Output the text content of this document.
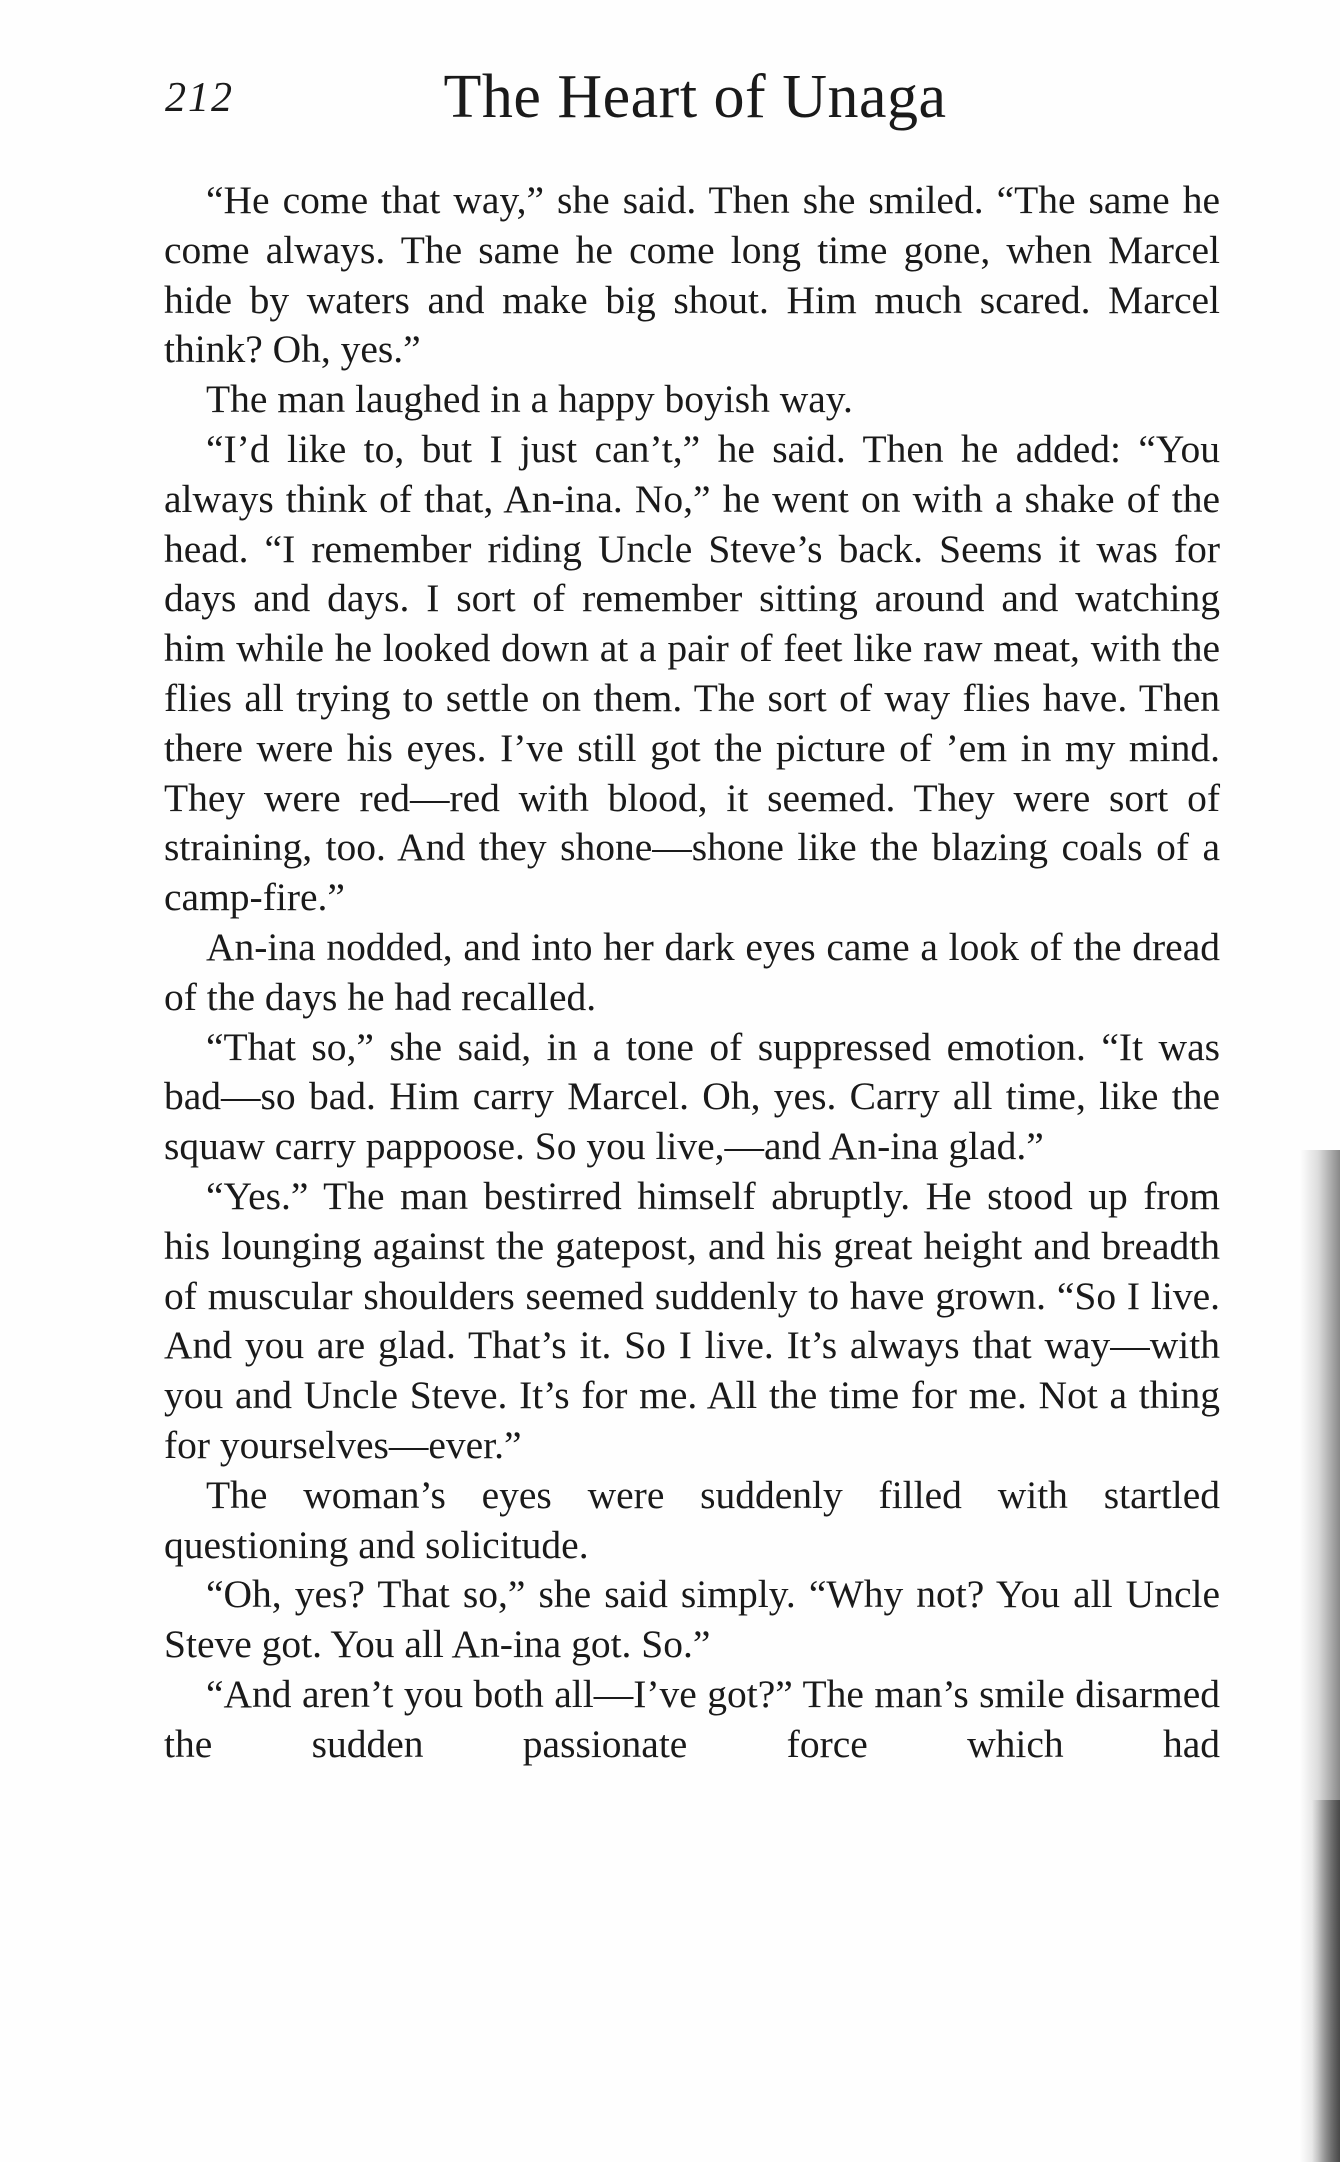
212	The Heart of Unaga

“He come that way,” she said. Then she smiled. “The same he come always. The same he come long time gone, when Marcel hide by waters and make big shout. Him much scared. Marcel think? Oh, yes.”

The man laughed in a happy boyish way.

“I’d like to, but I just can’t,” he said. Then he added: “You always think of that, An-ina. No,” he went on with a shake of the head. “I remember riding Uncle Steve’s back. Seems it was for days and days. I sort of remember sitting around and watching him while he looked down at a pair of feet like raw meat, with the flies all trying to settle on them. The sort of way flies have. Then there were his eyes. I’ve still got the picture of ’em in my mind. They were red—red with blood, it seemed. They were sort of straining, too. And they shone—shone like the blazing coals of a camp-fire.”

An-ina nodded, and into her dark eyes came a look of the dread of the days he had recalled.

“That so,” she said, in a tone of suppressed emotion. “It was bad—so bad. Him carry Marcel. Oh, yes. Carry all time, like the squaw carry pappoose. So you live,—and An-ina glad.”

“Yes.” The man bestirred himself abruptly. He stood up from his lounging against the gatepost, and his great height and breadth of muscular shoulders seemed suddenly to have grown. “So I live. And you are glad. That’s it. So I live. It’s always that way—with you and Uncle Steve. It’s for me. All the time for me. Not a thing for yourselves—ever.”

The woman’s eyes were suddenly filled with startled questioning and solicitude.

“Oh, yes? That so,” she said simply. “Why not? You all Uncle Steve got. You all An-ina got. So.”

“And aren’t you both all—I’ve got?” The man’s smile disarmed the sudden passionate force which had
